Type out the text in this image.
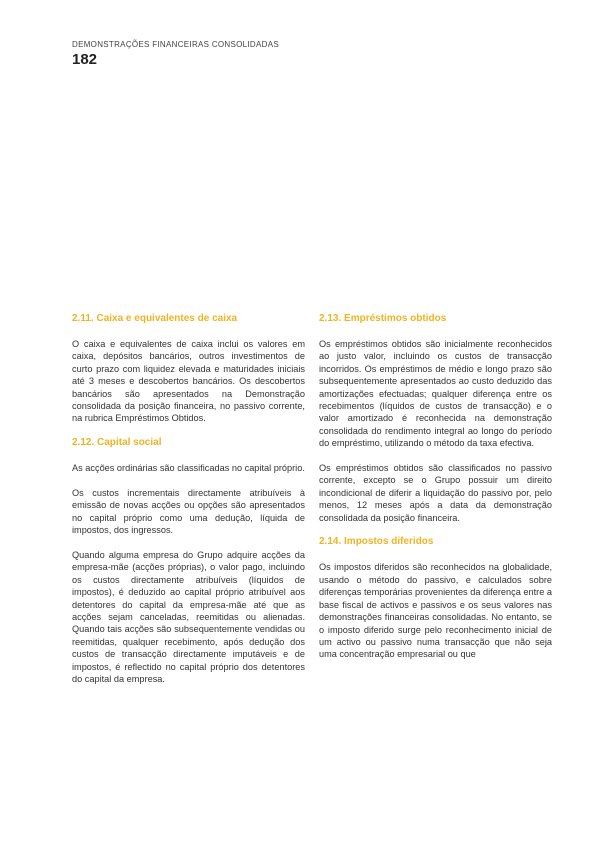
DEMONSTRAÇÕES FINANCEIRAS CONSOLIDADAS
182
2.11. Caixa e equivalentes de caixa

O caixa e equivalentes de caixa inclui os valores em caixa, depósitos bancários, outros investimentos de curto prazo com liquidez elevada e maturidades iniciais até 3 meses e descobertos bancários. Os descobertos bancários são apresentados na Demonstração consolidada da posição financeira, no passivo corrente, na rubrica Empréstimos Obtidos.

2.12. Capital social

As acções ordinárias são classificadas no capital próprio.

Os custos incrementais directamente atribuíveis à emissão de novas acções ou opções são apresentados no capital próprio como uma dedução, líquida de impostos, dos ingressos.

Quando alguma empresa do Grupo adquire acções da empresa-mãe (acções próprias), o valor pago, incluindo os custos directamente atribuíveis (líquidos de impostos), é deduzido ao capital próprio atribuível aos detentores do capital da empresa-mãe até que as acções sejam canceladas, reemitidas ou alienadas. Quando tais acções são subsequentemente vendidas ou reemitidas, qualquer recebimento, após dedução dos custos de transacção directamente imputáveis e de impostos, é reflectido no capital próprio dos detentores do capital da empresa.

2.13. Empréstimos obtidos

Os empréstimos obtidos são inicialmente reconhecidos ao justo valor, incluindo os custos de transacção incorridos. Os empréstimos de médio e longo prazo são subsequentemente apresentados ao custo deduzido das amortizações efectuadas; qualquer diferença entre os recebimentos (líquidos de custos de transacção) e o valor amortizado é reconhecida na demonstração consolidada do rendimento integral ao longo do período do empréstimo, utilizando o método da taxa efectiva.

Os empréstimos obtidos são classificados no passivo corrente, excepto se o Grupo possuir um direito incondicional de diferir a liquidação do passivo por, pelo menos, 12 meses após a data da demonstração consolidada da posição financeira.

2.14. Impostos diferidos

Os impostos diferidos são reconhecidos na globalidade, usando o método do passivo, e calculados sobre diferenças temporárias provenientes da diferença entre a base fiscal de activos e passivos e os seus valores nas demonstrações financeiras consolidadas. No entanto, se o imposto diferido surge pelo reconhecimento inicial de um activo ou passivo numa transacção que não seja uma concentração empresarial ou que
